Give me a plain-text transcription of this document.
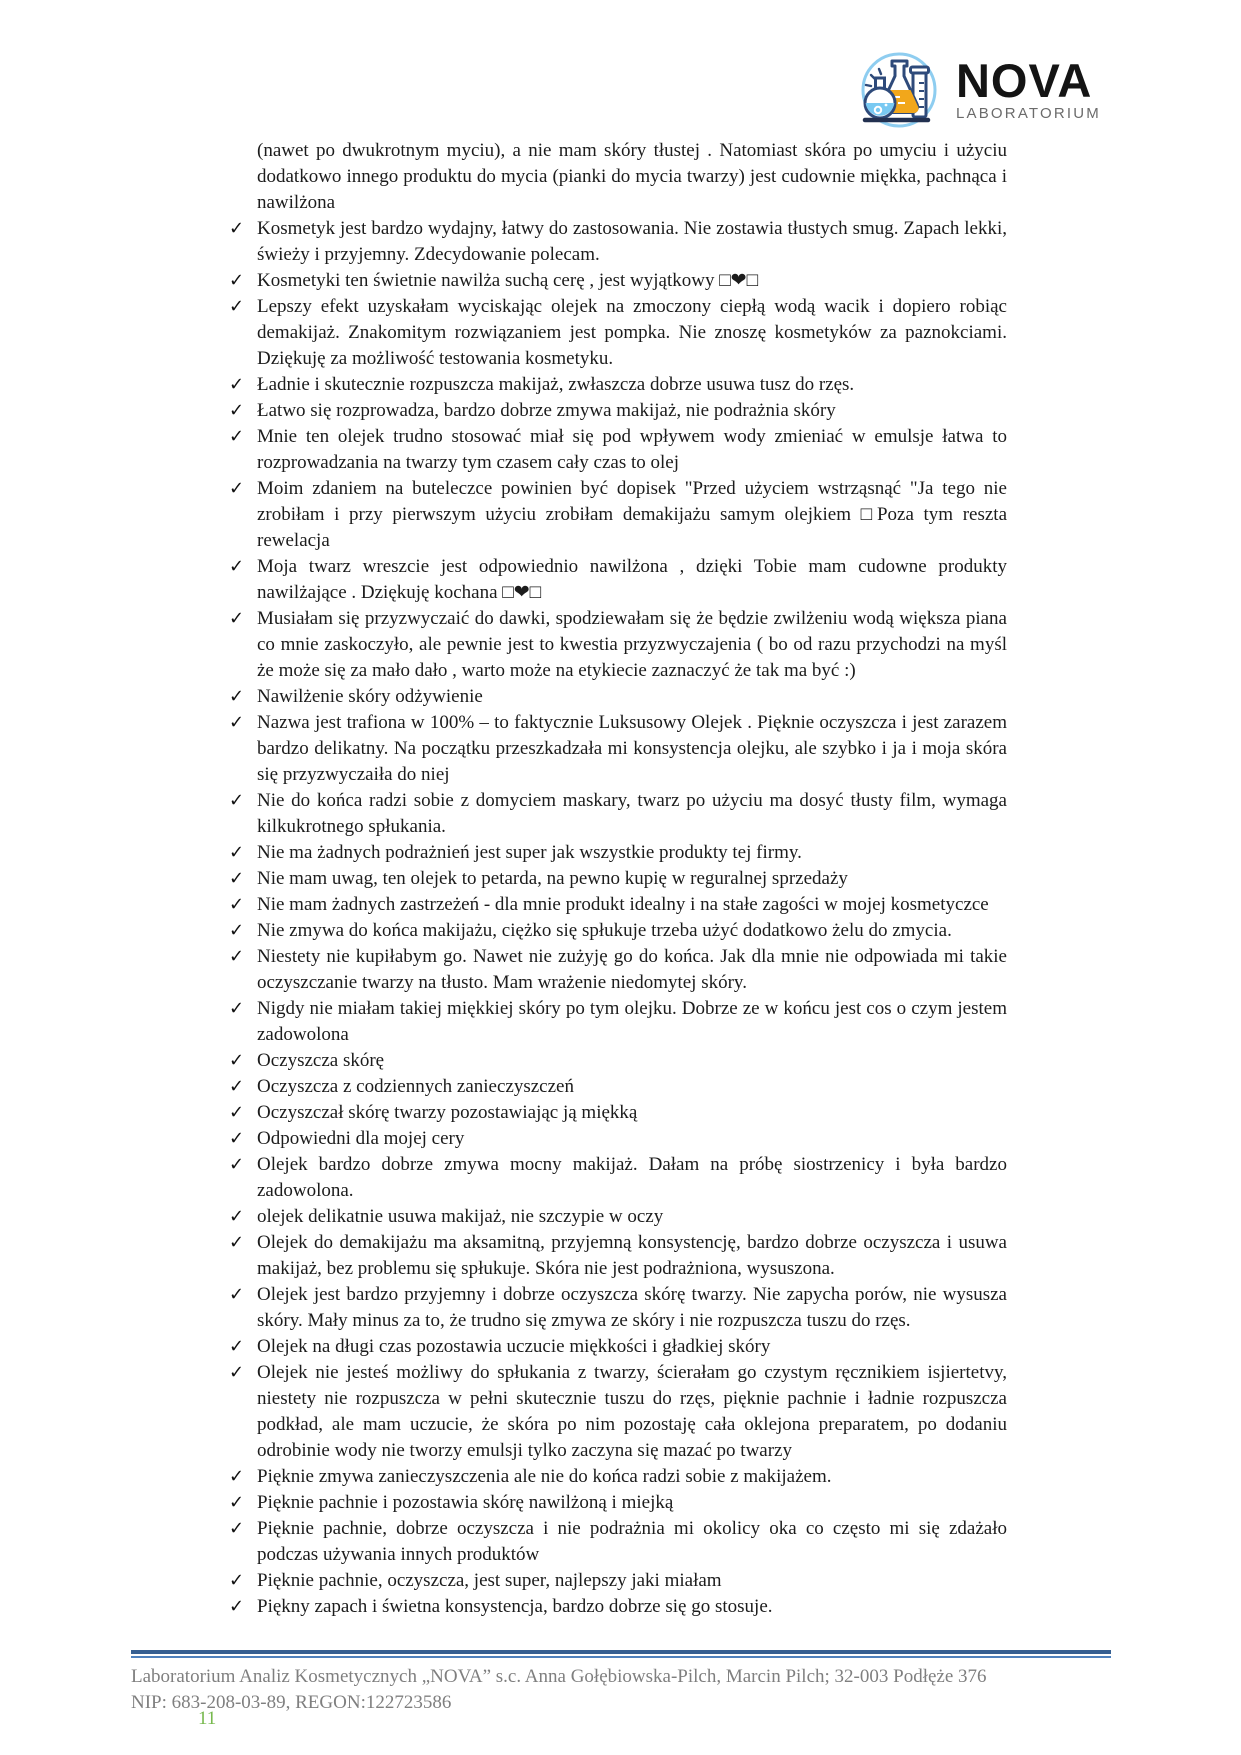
NOVA
LABORATORIUM

(nawet po dwukrotnym myciu), a nie mam skóry tłustej . Natomiast skóra po umyciu i użyciu dodatkowo innego produktu do mycia (pianki do mycia twarzy) jest cudownie miękka, pachnąca i nawilżona

✓ Kosmetyk jest bardzo wydajny, łatwy do zastosowania. Nie zostawia tłustych smug. Zapach lekki, świeży i przyjemny. Zdecydowanie polecam.
✓ Kosmetyki ten świetnie nawilża suchą cerę , jest wyjątkowy □❤□
✓ Lepszy efekt uzyskałam wyciskając olejek na zmoczony ciepłą wodą wacik i dopiero robiąc demakijaż. Znakomitym rozwiązaniem jest pompka. Nie znoszę kosmetyków za paznokciami. Dziękuję za możliwość testowania kosmetyku.
✓ Ładnie i skutecznie rozpuszcza makijaż, zwłaszcza dobrze usuwa tusz do rzęs.
✓ Łatwo się rozprowadza, bardzo dobrze zmywa makijaż, nie podrażnia skóry
✓ Mnie ten olejek trudno stosować miał się pod wpływem wody zmieniać w emulsje łatwa to rozprowadzania na twarzy tym czasem cały czas to olej
✓ Moim zdaniem na buteleczce powinien być dopisek "Przed użyciem wstrząsnąć "Ja tego nie zrobiłam i przy pierwszym użyciu zrobiłam demakijażu samym olejkiem □Poza tym reszta rewelacja
✓ Moja twarz wreszcie jest odpowiednio nawilżona , dzięki Tobie mam cudowne produkty nawilżające . Dziękuję kochana □❤□
✓ Musiałam się przyzwyczaić do dawki, spodziewałam się że będzie zwilżeniu wodą większa piana co mnie zaskoczyło, ale pewnie jest to kwestia przyzwyczajenia ( bo od razu przychodzi na myśl że może się za mało dało , warto może na etykiecie zaznaczyć że tak ma być :)
✓ Nawilżenie skóry odżywienie
✓ Nazwa jest trafiona w 100% – to faktycznie Luksusowy Olejek . Pięknie oczyszcza i jest zarazem bardzo delikatny. Na początku przeszkadzała mi konsystencja olejku, ale szybko i ja i moja skóra się przyzwyczaiła do niej
✓ Nie do końca radzi sobie z domyciem maskary, twarz po użyciu ma dosyć tłusty film, wymaga kilkukrotnego spłukania.
✓ Nie ma żadnych podrażnień jest super jak wszystkie produkty tej firmy.
✓ Nie mam uwag, ten olejek to petarda, na pewno kupię w reguralnej sprzedaży
✓ Nie mam żadnych zastrzeżeń - dla mnie produkt idealny i na stałe zagości w mojej kosmetyczce
✓ Nie zmywa do końca makijażu, ciężko się spłukuje trzeba użyć dodatkowo żelu do zmycia.
✓ Niestety nie kupiłabym go. Nawet nie zużyję go do końca. Jak dla mnie nie odpowiada mi takie oczyszczanie twarzy na tłusto. Mam wrażenie niedomytej skóry.
✓ Nigdy nie miałam takiej miękkiej skóry po tym olejku. Dobrze ze w końcu jest cos o czym jestem zadowolona
✓ Oczyszcza skórę
✓ Oczyszcza z codziennych zanieczyszczeń
✓ Oczyszczał skórę twarzy pozostawiając ją miękką
✓ Odpowiedni dla mojej cery
✓ Olejek bardzo dobrze zmywa mocny makijaż. Dałam na próbę siostrzenicy i była bardzo zadowolona.
✓ olejek delikatnie usuwa makijaż, nie szczypie w oczy
✓ Olejek do demakijażu ma aksamitną, przyjemną konsystencję, bardzo dobrze oczyszcza i usuwa makijaż, bez problemu się spłukuje. Skóra nie jest podrażniona, wysuszona.
✓ Olejek jest bardzo przyjemny i dobrze oczyszcza skórę twarzy. Nie zapycha porów, nie wysusza skóry. Mały minus za to, że trudno się zmywa ze skóry i nie rozpuszcza tuszu do rzęs.
✓ Olejek na długi czas pozostawia uczucie miękkości i gładkiej skóry
✓ Olejek nie jesteś możliwy do spłukania z twarzy, ścierałam go czystym ręcznikiem isjiertetvy, niestety nie rozpuszcza w pełni skutecznie tuszu do rzęs, pięknie pachnie i ładnie rozpuszcza podkład, ale mam uczucie, że skóra po nim pozostaję cała oklejona preparatem, po dodaniu odrobinie wody nie tworzy emulsji tylko zaczyna się mazać po twarzy
✓ Pięknie zmywa zanieczyszczenia ale nie do końca radzi sobie z makijażem.
✓ Pięknie pachnie i pozostawia skórę nawilżoną i miejką
✓ Pięknie pachnie, dobrze oczyszcza i nie podrażnia mi okolicy oka co często mi się zdażało podczas używania innych produktów
✓ Pięknie pachnie, oczyszcza, jest super, najlepszy jaki miałam
✓ Piękny zapach i świetna konsystencja, bardzo dobrze się go stosuje.
Laboratorium Analiz Kosmetycznych „NOVA” s.c. Anna Gołębiowska-Pilch, Marcin Pilch; 32-003 Podłęże 376
NIP: 683-208-03-89, REGON:122723586
11
